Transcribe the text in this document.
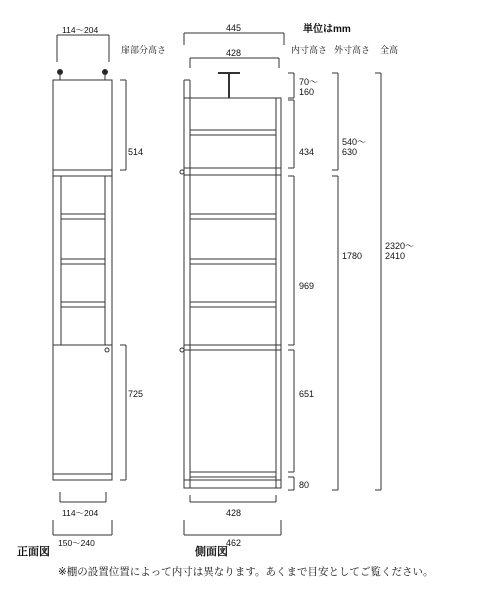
単位はmm
扉部分高さ	内寸高さ 外寸高さ 全高
114～204
514
725
114～204
150～240
正面図
445
428
70～
160
434
969
651
80
540～
630
1780
2320～
2410
428
462
側面図
※棚の設置位置によって内寸は異なります。あくまで目安としてご覧ください。
